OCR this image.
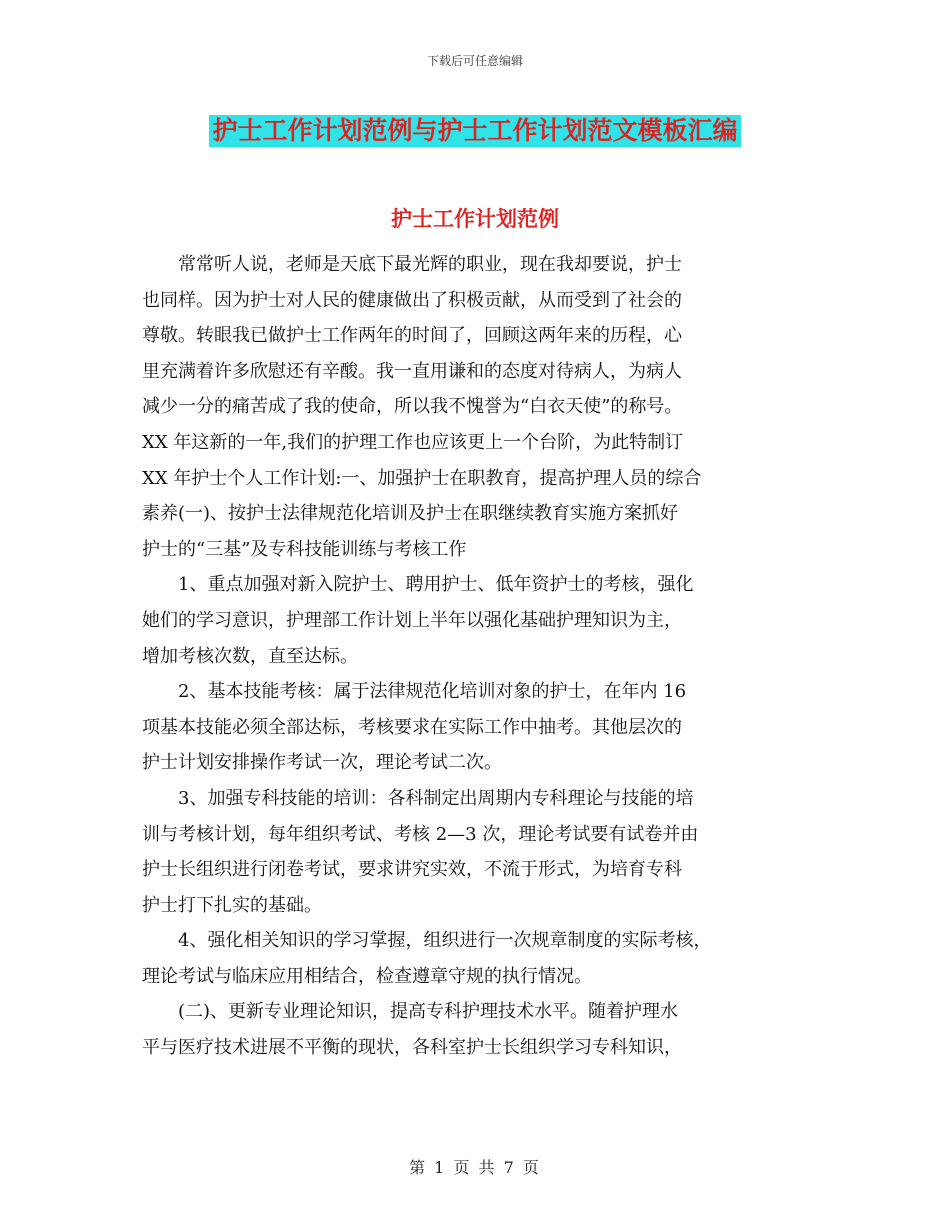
下载后可任意编辑
护士工作计划范例与护士工作计划范文模板汇编
护士工作计划范例
　　常常听人说，老师是天底下最光辉的职业，现在我却要说，护士
也同样。因为护士对人民的健康做出了积极贡献，从而受到了社会的
尊敬。转眼我已做护士工作两年的时间了，回顾这两年来的历程，心
里充满着许多欣慰还有辛酸。我一直用谦和的态度对待病人，为病人
减少一分的痛苦成了我的使命，所以我不愧誉为“白衣天使”的称号。
XX 年这新的一年,我们的护理工作也应该更上一个台阶，为此特制订
XX 年护士个人工作计划:一、加强护士在职教育，提高护理人员的综合
素养(一)、按护士法律规范化培训及护士在职继续教育实施方案抓好
护士的“三基”及专科技能训练与考核工作
　　1、重点加强对新入院护士、聘用护士、低年资护士的考核，强化
她们的学习意识，护理部工作计划上半年以强化基础护理知识为主，
增加考核次数，直至达标。
　　2、基本技能考核：属于法律规范化培训对象的护士，在年内 16
项基本技能必须全部达标，考核要求在实际工作中抽考。其他层次的
护士计划安排操作考试一次，理论考试二次。
　　3、加强专科技能的培训：各科制定出周期内专科理论与技能的培
训与考核计划，每年组织考试、考核 2—3 次，理论考试要有试卷并由
护士长组织进行闭卷考试，要求讲究实效，不流于形式，为培育专科
护士打下扎实的基础。
　　4、强化相关知识的学习掌握，组织进行一次规章制度的实际考核，
理论考试与临床应用相结合，检查遵章守规的执行情况。
　　(二)、更新专业理论知识，提高专科护理技术水平。随着护理水
平与医疗技术进展不平衡的现状，各科室护士长组织学习专科知识，
第 1 页 共 7 页
